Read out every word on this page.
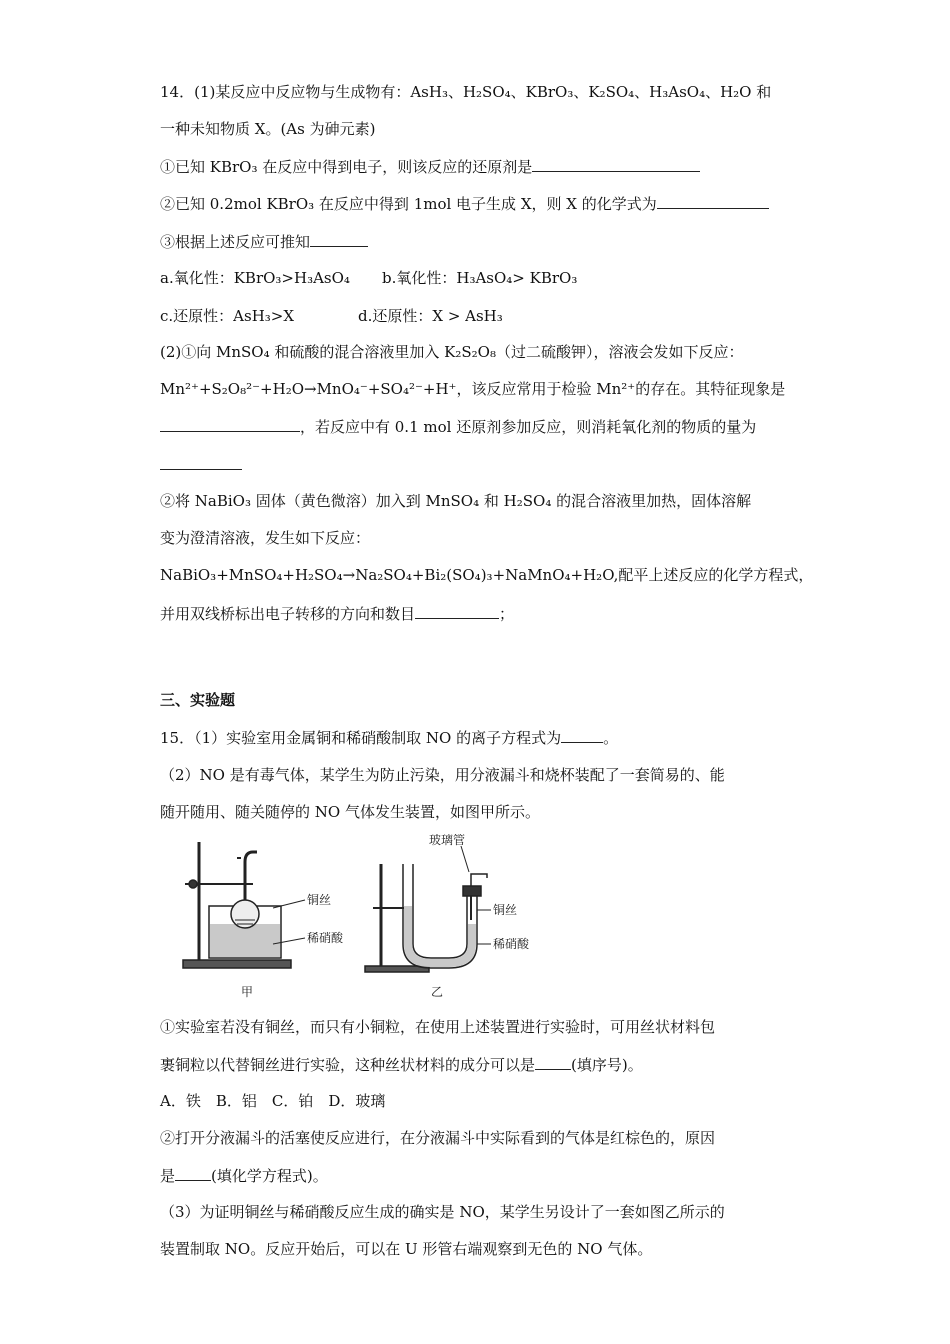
14．(1)某反应中反应物与生成物有：AsH₃、H₂SO₄、KBrO₃、K₂SO₄、H₃AsO₄、H₂O 和
一种未知物质 X。(As 为砷元素)
①已知 KBrO₃ 在反应中得到电子，则该反应的还原剂是
②已知 0.2mol KBrO₃ 在反应中得到 1mol 电子生成 X，则 X 的化学式为
③根据上述反应可推知
a.氧化性：KBrO₃>H₃AsO₄ b.氧化性：H₃AsO₄> KBrO₃
c.还原性：AsH₃>X	d.还原性：X > AsH₃
(2)①向 MnSO₄ 和硫酸的混合溶液里加入 K₂S₂O₈（过二硫酸钾），溶液会发如下反应：
Mn²⁺+S₂O₈²⁻+H₂O→MnO₄⁻+SO₄²⁻+H⁺，该反应常用于检验 Mn²⁺的存在。其特征现象是
，若反应中有 0.1 mol 还原剂参加反应，则消耗氧化剂的物质的量为
②将 NaBiO₃ 固体（黄色微溶）加入到 MnSO₄ 和 H₂SO₄ 的混合溶液里加热，固体溶解
变为澄清溶液，发生如下反应：
NaBiO₃+MnSO₄+H₂SO₄→Na₂SO₄+Bi₂(SO₄)₃+NaMnO₄+H₂O,配平上述反应的化学方程式，
并用双线桥标出电子转移的方向和数目	；
三、实验题
15．（1）实验室用金属铜和稀硝酸制取 NO 的离子方程式为	。
（2）NO 是有毒气体，某学生为防止污染，用分液漏斗和烧杯装配了一套简易的、能
随开随用、随关随停的 NO 气体发生装置，如图甲所示。
铜丝
稀硝酸
甲
玻璃管
铜丝
稀硝酸
乙
①实验室若没有铜丝，而只有小铜粒，在使用上述装置进行实验时，可用丝状材料包
裹铜粒以代替铜丝进行实验，这种丝状材料的成分可以是 (填序号)。
A．铁　B．铝　C．铂　D．玻璃
②打开分液漏斗的活塞使反应进行，在分液漏斗中实际看到的气体是红棕色的，原因
是 (填化学方程式)。
（3）为证明铜丝与稀硝酸反应生成的确实是 NO，某学生另设计了一套如图乙所示的
装置制取 NO。反应开始后，可以在 U 形管右端观察到无色的 NO 气体。
